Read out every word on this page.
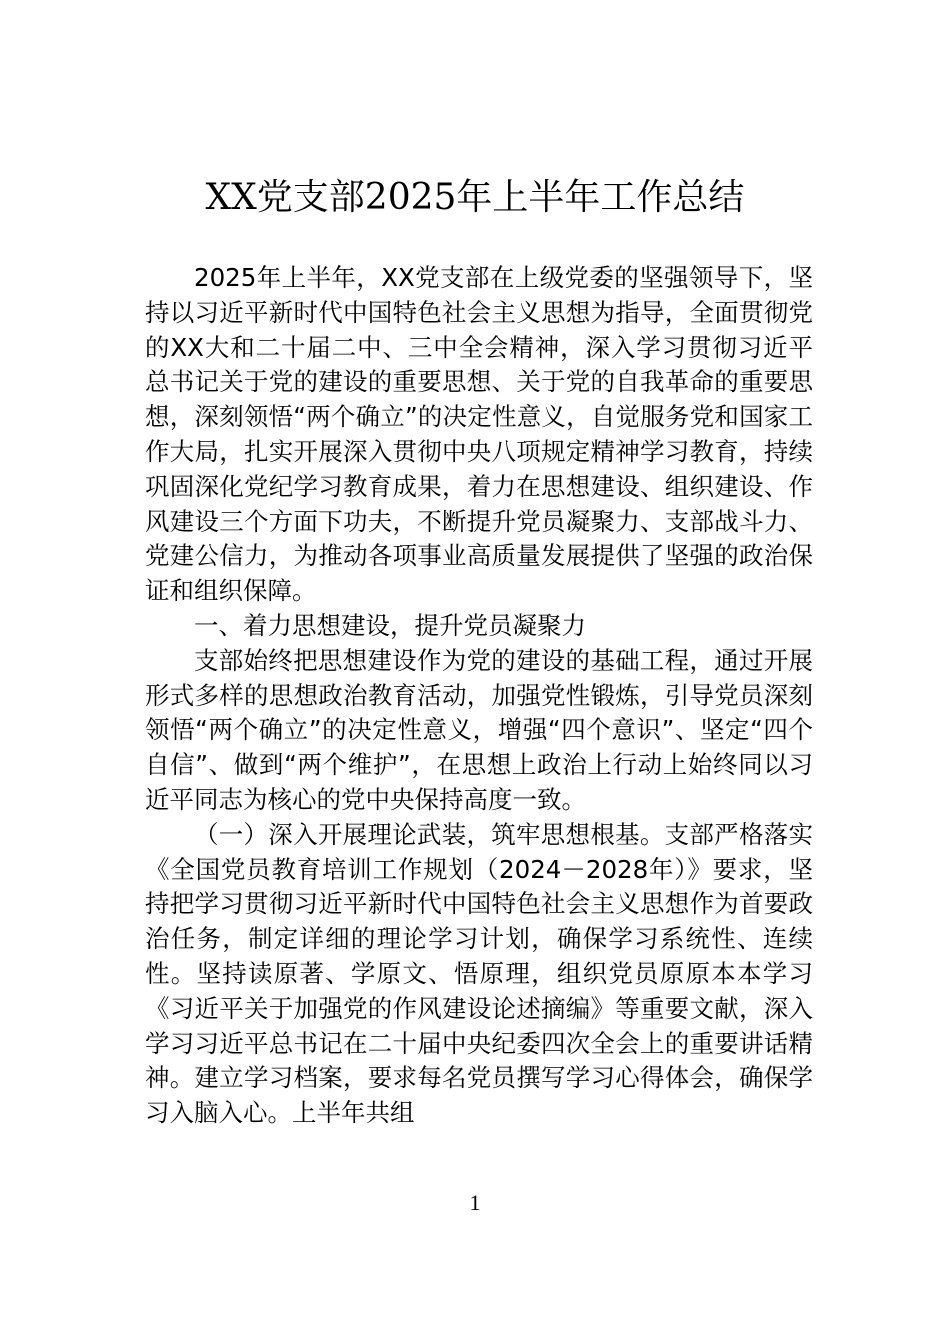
XX党支部2025年上半年工作总结

2025年上半年，XX党支部在上级党委的坚强领导下，坚持以习近平新时代中国特色社会主义思想为指导，全面贯彻党的XX大和二十届二中、三中全会精神，深入学习贯彻习近平总书记关于党的建设的重要思想、关于党的自我革命的重要思想，深刻领悟“两个确立”的决定性意义，自觉服务党和国家工作大局，扎实开展深入贯彻中央八项规定精神学习教育，持续巩固深化党纪学习教育成果，着力在思想建设、组织建设、作风建设三个方面下功夫，不断提升党员凝聚力、支部战斗力、党建公信力，为推动各项事业高质量发展提供了坚强的政治保证和组织保障。

一、着力思想建设，提升党员凝聚力

支部始终把思想建设作为党的建设的基础工程，通过开展形式多样的思想政治教育活动，加强党性锻炼，引导党员深刻领悟“两个确立”的决定性意义，增强“四个意识”、坚定“四个自信”、做到“两个维护”，在思想上政治上行动上始终同以习近平同志为核心的党中央保持高度一致。

（一）深入开展理论武装，筑牢思想根基。支部严格落实《全国党员教育培训工作规划（2024－2028年）》要求，坚持把学习贯彻习近平新时代中国特色社会主义思想作为首要政治任务，制定详细的理论学习计划，确保学习系统性、连续性。坚持读原著、学原文、悟原理，组织党员原原本本学习《习近平关于加强党的作风建设论述摘编》等重要文献，深入学习习近平总书记在二十届中央纪委四次全会上的重要讲话精神。建立学习档案，要求每名党员撰写学习心得体会，确保学习入脑入心。上半年共组

1
